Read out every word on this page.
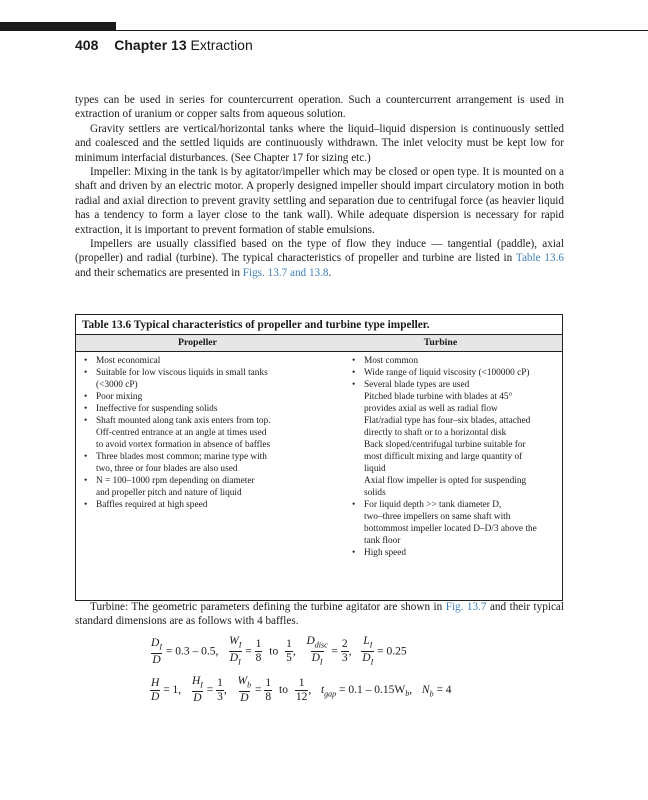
408 Chapter 13 Extraction

types can be used in series for countercurrent operation. Such a countercurrent arrangement is used in extraction of uranium or copper salts from aqueous solution.

Gravity settlers are vertical/horizontal tanks where the liquid–liquid dispersion is continuously settled and coalesced and the settled liquids are continuously withdrawn. The inlet velocity must be kept low for minimum interfacial disturbances. (See Chapter 17 for sizing etc.)

Impeller: Mixing in the tank is by agitator/impeller which may be closed or open type. It is mounted on a shaft and driven by an electric motor. A properly designed impeller should impart circulatory motion in both radial and axial direction to prevent gravity settling and separation due to centrifugal force (as heavier liquid has a tendency to form a layer close to the tank wall). While adequate dispersion is necessary for rapid extraction, it is important to prevent formation of stable emulsions.

Impellers are usually classified based on the type of flow they induce — tangential (paddle), axial (propeller) and radial (turbine). The typical characteristics of propeller and turbine are listed in Table 13.6 and their schematics are presented in Figs. 13.7 and 13.8.

Table 13.6 Typical characteristics of propeller and turbine type impeller.
Propeller	Turbine
• Most economical
• Suitable for low viscous liquids in small tanks
(<3000 cP)
• Poor mixing
• Ineffective for suspending solids
• Shaft mounted along tank axis enters from top.
Off-centred entrance at an angle at times used
to avoid vortex formation in absence of baffles
• Three blades most common; marine type with
two, three or four blades are also used
• N = 100–1000 rpm depending on diameter
and propeller pitch and nature of liquid
• Baffles required at high speed
• Most common
• Wide range of liquid viscosity (<100000 cP)
• Several blade types are used
Pitched blade turbine with blades at 45°
provides axial as well as radial flow
Flat/radial type has four–six blades, attached
directly to shaft or to a horizontal disk
Back sloped/centrifugal turbine suitable for
most difficult mixing and large quantity of
liquid
Axial flow impeller is opted for suspending
solids
• For liquid depth >> tank diameter D,
two–three impellers on same shaft with
bottommost impeller located D–D/3 above the
tank floor
• High speed

Turbine: The geometric parameters defining the turbine agitator are shown in Fig. 13.7 and their typical standard dimensions are as follows with 4 baffles.

$\frac{D_I}{D} = 0.3 - 0.5$, $\frac{W_I}{D_I} = \frac{1}{8}$ to $\frac{1}{5}$ , $\frac{D_{disc}}{D_I} = \frac{2}{3}$ , $\frac{L_I}{D_I} = 0.25$
$\frac{H}{D} = 1$, $\frac{H_I}{D} = \frac{1}{3}$ , $\frac{W_b}{D} = \frac{1}{8}$ to $\frac{1}{12}$ , $t_{gap} = 0.1 - 0.15W_b$, $N_b = 4$
